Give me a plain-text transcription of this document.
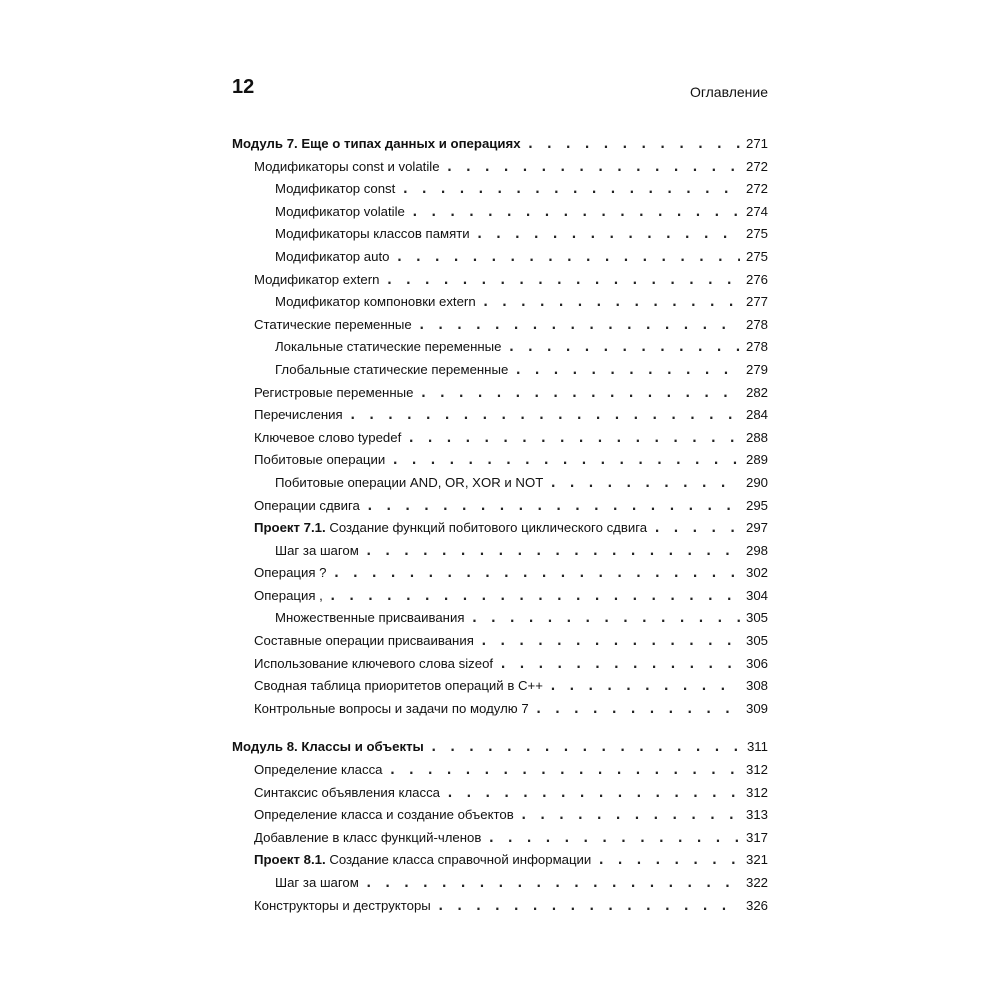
12	Оглавление
Модуль 7. Еще о типах данных и операциях . . .	271
Модификаторы const и volatile . . .	272
Модификатор const . . .	272
Модификатор volatile . . .	274
Модификаторы классов памяти . . .	275
Модификатор auto . . .	275
Модификатор extern . . .	276
Модификатор компоновки extern . . .	277
Статические переменные . . .	278
Локальные статические переменные . . .	278
Глобальные статические переменные . . .	279
Регистровые переменные . . .	282
Перечисления . . .	284
Ключевое слово typedef . . .	288
Побитовые операции . . .	289
Побитовые операции AND, OR, XOR и NOT . . .	290
Операции сдвига . . .	295
Проект 7.1. Создание функций побитового циклического сдвига . . .	297
Шаг за шагом . . .	298
Операция ? . . .	302
Операция , . . .	304
Множественные присваивания . . .	305
Составные операции присваивания . . .	305
Использование ключевого слова sizeof . . .	306
Сводная таблица приоритетов операций в С++ . . .	308
Контрольные вопросы и задачи по модулю 7 . . .	309
Модуль 8. Классы и объекты . . .	311
Определение класса . . .	312
Синтаксис объявления класса . . .	312
Определение класса и создание объектов . . .	313
Добавление в класс функций-членов . . .	317
Проект 8.1. Создание класса справочной информации . . .	321
Шаг за шагом . . .	322
Конструкторы и деструкторы . . .	326
